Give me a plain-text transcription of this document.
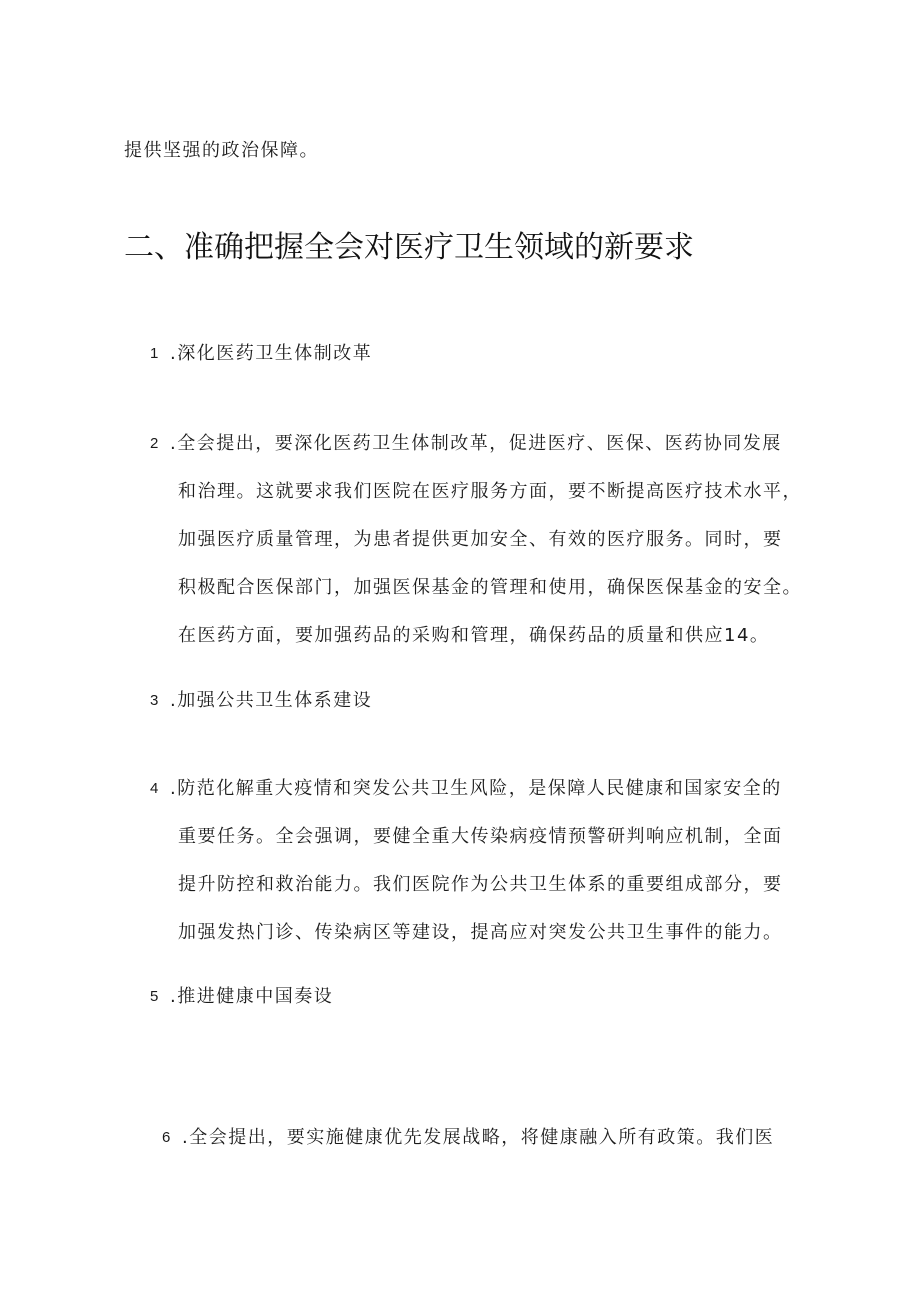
提供坚强的政治保障。
二、准确把握全会对医疗卫生领域的新要求
1 .深化医药卫生体制改革
2 .全会提出，要深化医药卫生体制改革，促进医疗、医保、医药协同发展
和治理。这就要求我们医院在医疗服务方面，要不断提高医疗技术水平，
加强医疗质量管理，为患者提供更加安全、有效的医疗服务。同时，要
积极配合医保部门，加强医保基金的管理和使用，确保医保基金的安全。
在医药方面，要加强药品的采购和管理，确保药品的质量和供应14。
3 .加强公共卫生体系建设
4 .防范化解重大疫情和突发公共卫生风险，是保障人民健康和国家安全的
重要任务。全会强调，要健全重大传染病疫情预警研判响应机制，全面
提升防控和救治能力。我们医院作为公共卫生体系的重要组成部分，要
加强发热门诊、传染病区等建设，提高应对突发公共卫生事件的能力。
5 .推进健康中国奏设
6 .全会提出，要实施健康优先发展战略，将健康融入所有政策。我们医
